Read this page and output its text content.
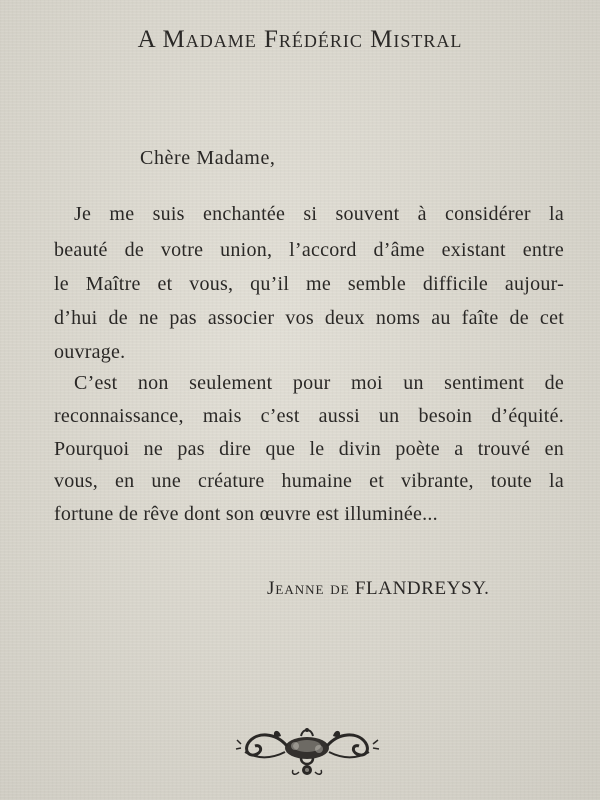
A Madame Frédéric Mistral
Chère Madame,
Je me suis enchantée si souvent à considérer la
beauté de votre union, l’accord d’âme existant entre
le Maître et vous, qu’il me semble difficile aujour-
d’hui de ne pas associer vos deux noms au faîte de cet
ouvrage.
C’est non seulement pour moi un sentiment de
reconnaissance, mais c’est aussi un besoin d’équité.
Pourquoi ne pas dire que le divin poète a trouvé en
vous, en une créature humaine et vibrante, toute la
fortune de rêve dont son œuvre est illuminée...
Jeanne de FLANDREYSY.
